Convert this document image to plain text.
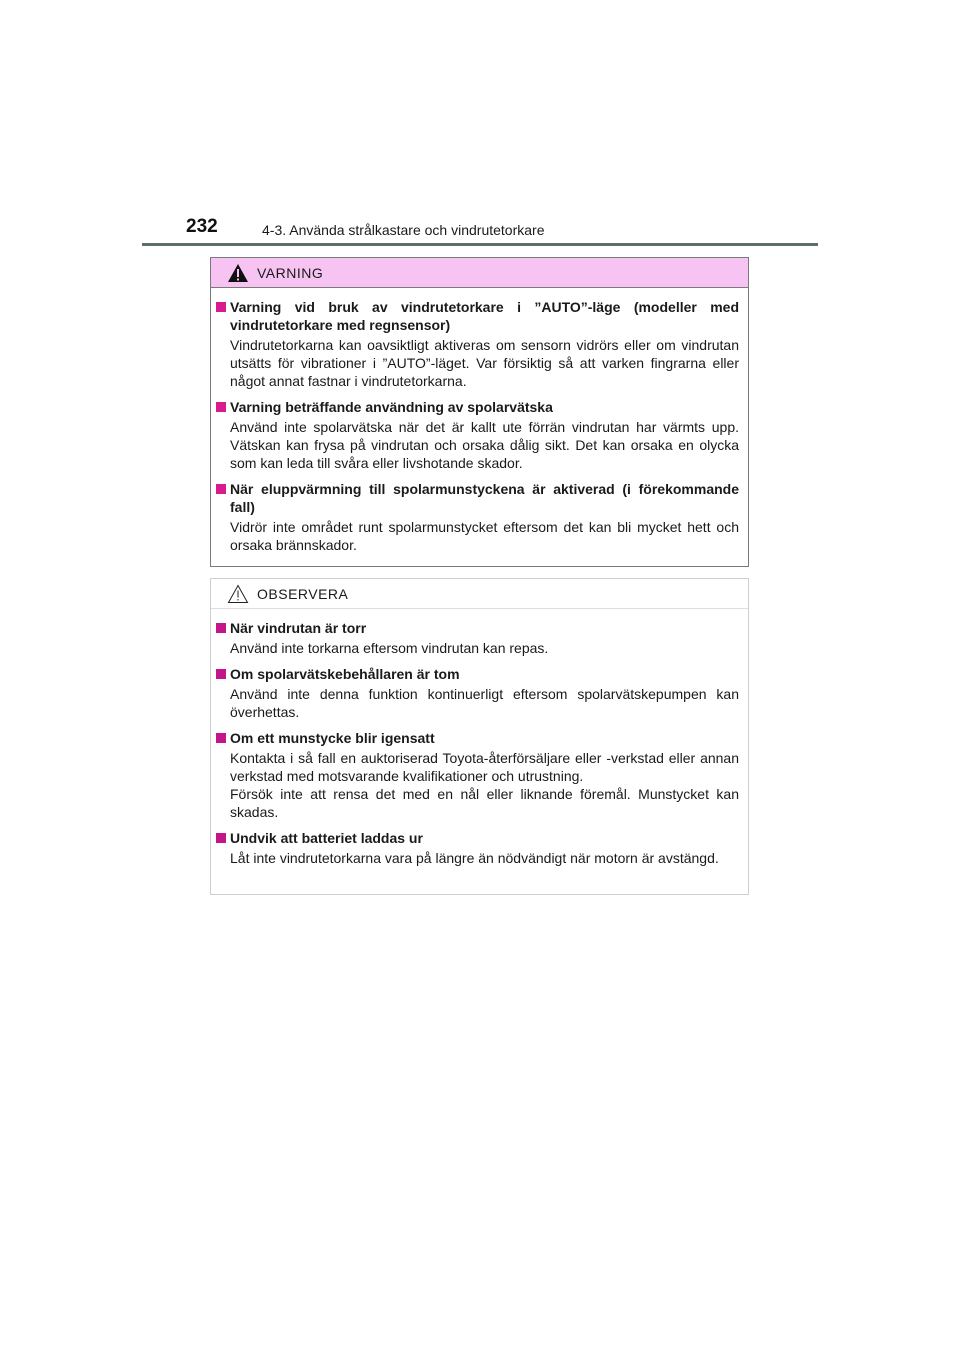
232	4-3. Använda strålkastare och vindrutetorkare
VARNING
Varning vid bruk av vindrutetorkare i ”AUTO”-läge (modeller med vindrutetorkare med regnsensor)
Vindrutetorkarna kan oavsiktligt aktiveras om sensorn vidrörs eller om vindrutan utsätts för vibrationer i ”AUTO”-läget. Var försiktig så att varken fingrarna eller något annat fastnar i vindrutetorkarna.
Varning beträffande användning av spolarvätska
Använd inte spolarvätska när det är kallt ute förrän vindrutan har värmts upp. Vätskan kan frysa på vindrutan och orsaka dålig sikt. Det kan orsaka en olycka som kan leda till svåra eller livshotande skador.
När eluppvärmning till spolarmunstyckena är aktiverad (i förekommande fall)
Vidrör inte området runt spolarmunstycket eftersom det kan bli mycket hett och orsaka brännskador.
OBSERVERA
När vindrutan är torr
Använd inte torkarna eftersom vindrutan kan repas.
Om spolarvätskebehållaren är tom
Använd inte denna funktion kontinuerligt eftersom spolarvätskepumpen kan överhettas.
Om ett munstycke blir igensatt
Kontakta i så fall en auktoriserad Toyota-återförsäljare eller -verkstad eller annan verkstad med motsvarande kvalifikationer och utrustning.
Försök inte att rensa det med en nål eller liknande föremål. Munstycket kan skadas.
Undvik att batteriet laddas ur
Låt inte vindrutetorkarna vara på längre än nödvändigt när motorn är avstängd.
